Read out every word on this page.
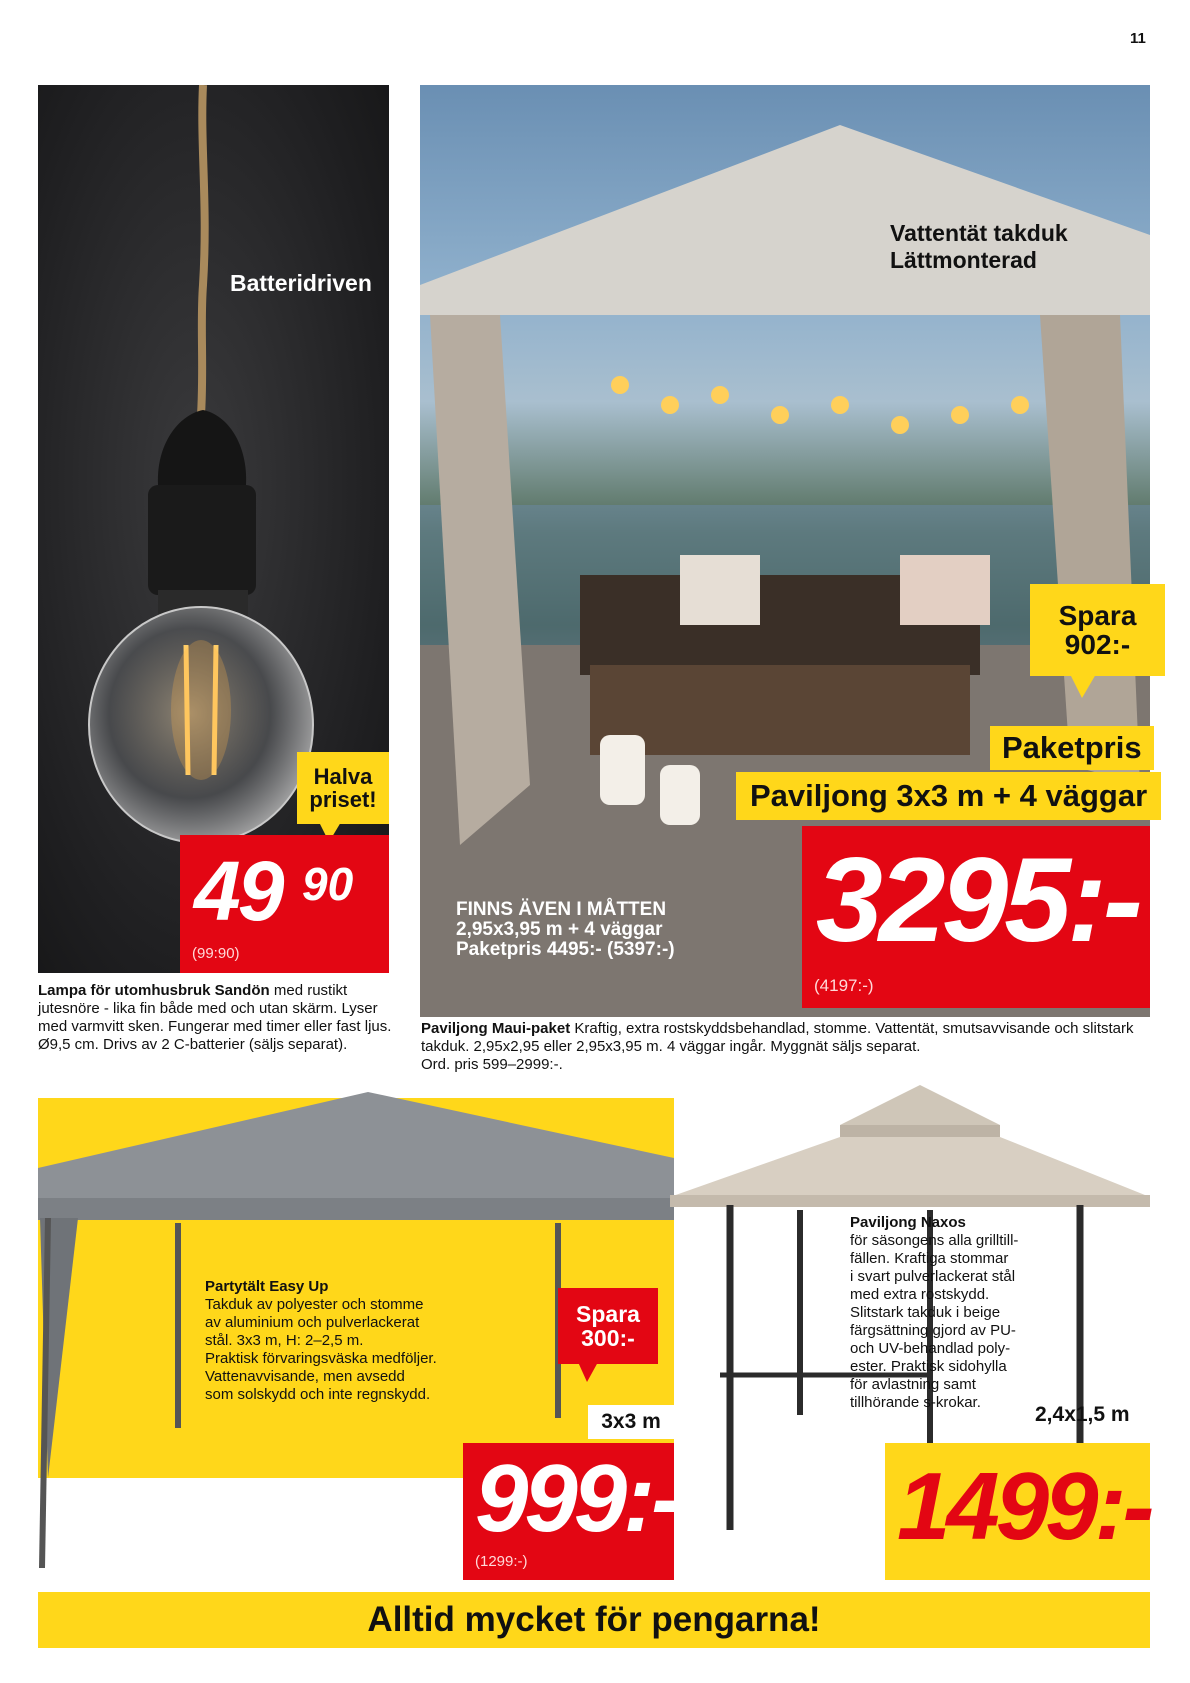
11
Batteridriven
Halva
priset!
49 90
(99:90)
Lampa för utomhusbruk Sandön med rustikt jutesnöre - lika fin både med och utan skärm. Lyser med varmvitt sken. Fungerar med timer eller fast ljus. Ø9,5 cm. Drivs av 2 C-batterier (säljs separat).
Vattentät takduk
Lättmonterad
Spara
902:-
Paketpris
Paviljong 3x3 m + 4 väggar
3295:-
(4197:-)
FINNS ÄVEN I MÅTTEN
2,95x3,95 m + 4 väggar
Paketpris 4495:- (5397:-)
Paviljong Maui-paket Kraftig, extra rostskyddsbehandlad, stomme. Vattentät, smutsavvisande och slitstark takduk. 2,95x2,95 eller 2,95x3,95 m. 4 väggar ingår. Myggnät säljs separat.
Ord. pris 599–2999:-.
Partytält Easy Up
Takduk av polyester och stomme
av aluminium och pulverlackerat
stål. 3x3 m, H: 2–2,5 m.
Praktisk förvaringsväska medföljer.
Vattenavvisande, men avsedd
som solskydd och inte regnskydd.
Spara
300:-
3x3 m
999:-
(1299:-)
Paviljong Naxos
för säsongens alla grilltill-
fällen. Kraftiga stommar
i svart pulverlackerat stål
med extra rostskydd.
Slitstark takduk i beige
färgsättning gjord av PU-
och UV-behandlad poly-
ester. Praktisk sidohylla
för avlastning samt
tillhörande s-krokar.
2,4x1,5 m
1499:-
Alltid mycket för pengarna!
